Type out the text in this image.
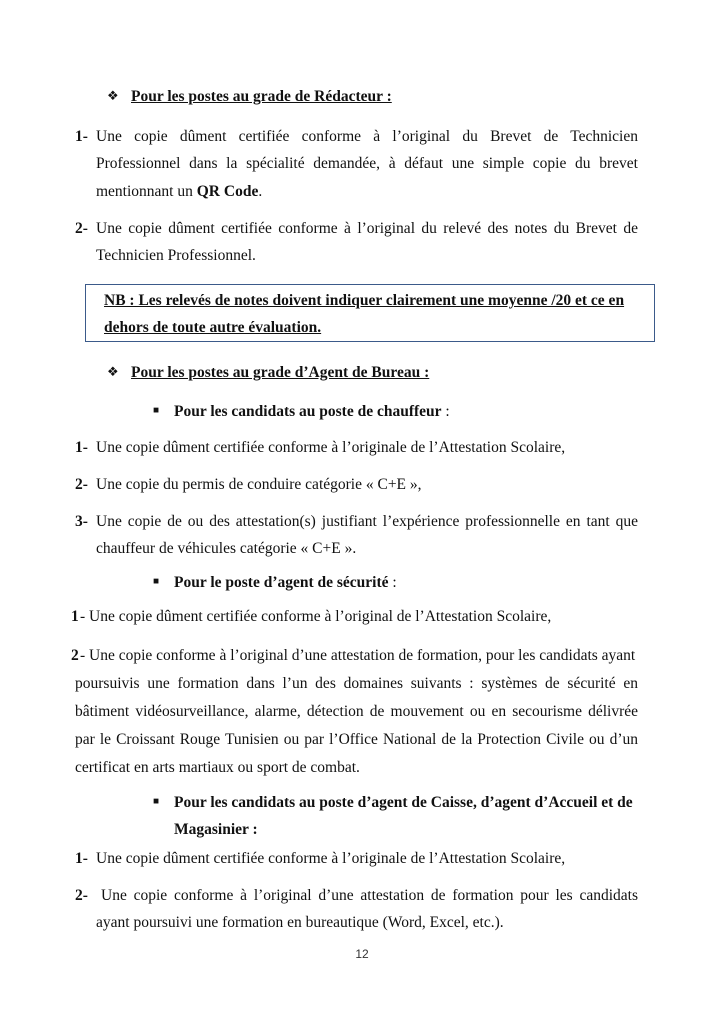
❖ Pour les postes au grade de Rédacteur :
1- Une copie dûment certifiée conforme à l’original du Brevet de Technicien
Professionnel dans la spécialité demandée, à défaut une simple copie du brevet
mentionnant un QR Code.
2- Une copie dûment certifiée conforme à l’original du relevé des notes du Brevet de
Technicien Professionnel.
NB : Les relevés de notes doivent indiquer clairement une moyenne /20 et ce en
dehors de toute autre évaluation.
❖ Pour les postes au grade d’Agent de Bureau :
■ Pour les candidats au poste de chauffeur :
1- Une copie dûment certifiée conforme à l’originale de l’Attestation Scolaire,
2- Une copie du permis de conduire catégorie « C+E »,
3- Une copie de ou des attestation(s) justifiant l’expérience professionnelle en tant que
chauffeur de véhicules catégorie « C+E ».
■ Pour le poste d’agent de sécurité :
1 - Une copie dûment certifiée conforme à l’original de l’Attestation Scolaire,
2 - Une copie conforme à l’original d’une attestation de formation, pour les candidats ayant
poursuivis une formation dans l’un des domaines suivants : systèmes de sécurité en
bâtiment vidéosurveillance, alarme, détection de mouvement ou en secourisme délivrée
par le Croissant Rouge Tunisien ou par l’Office National de la Protection Civile ou d’un
certificat en arts martiaux ou sport de combat.
■ Pour les candidats au poste d’agent de Caisse, d’agent d’Accueil et de
Magasinier :
1- Une copie dûment certifiée conforme à l’originale de l’Attestation Scolaire,
2- Une copie conforme à l’original d’une attestation de formation pour les candidats
ayant poursuivi une formation en bureautique (Word, Excel, etc.).
12
